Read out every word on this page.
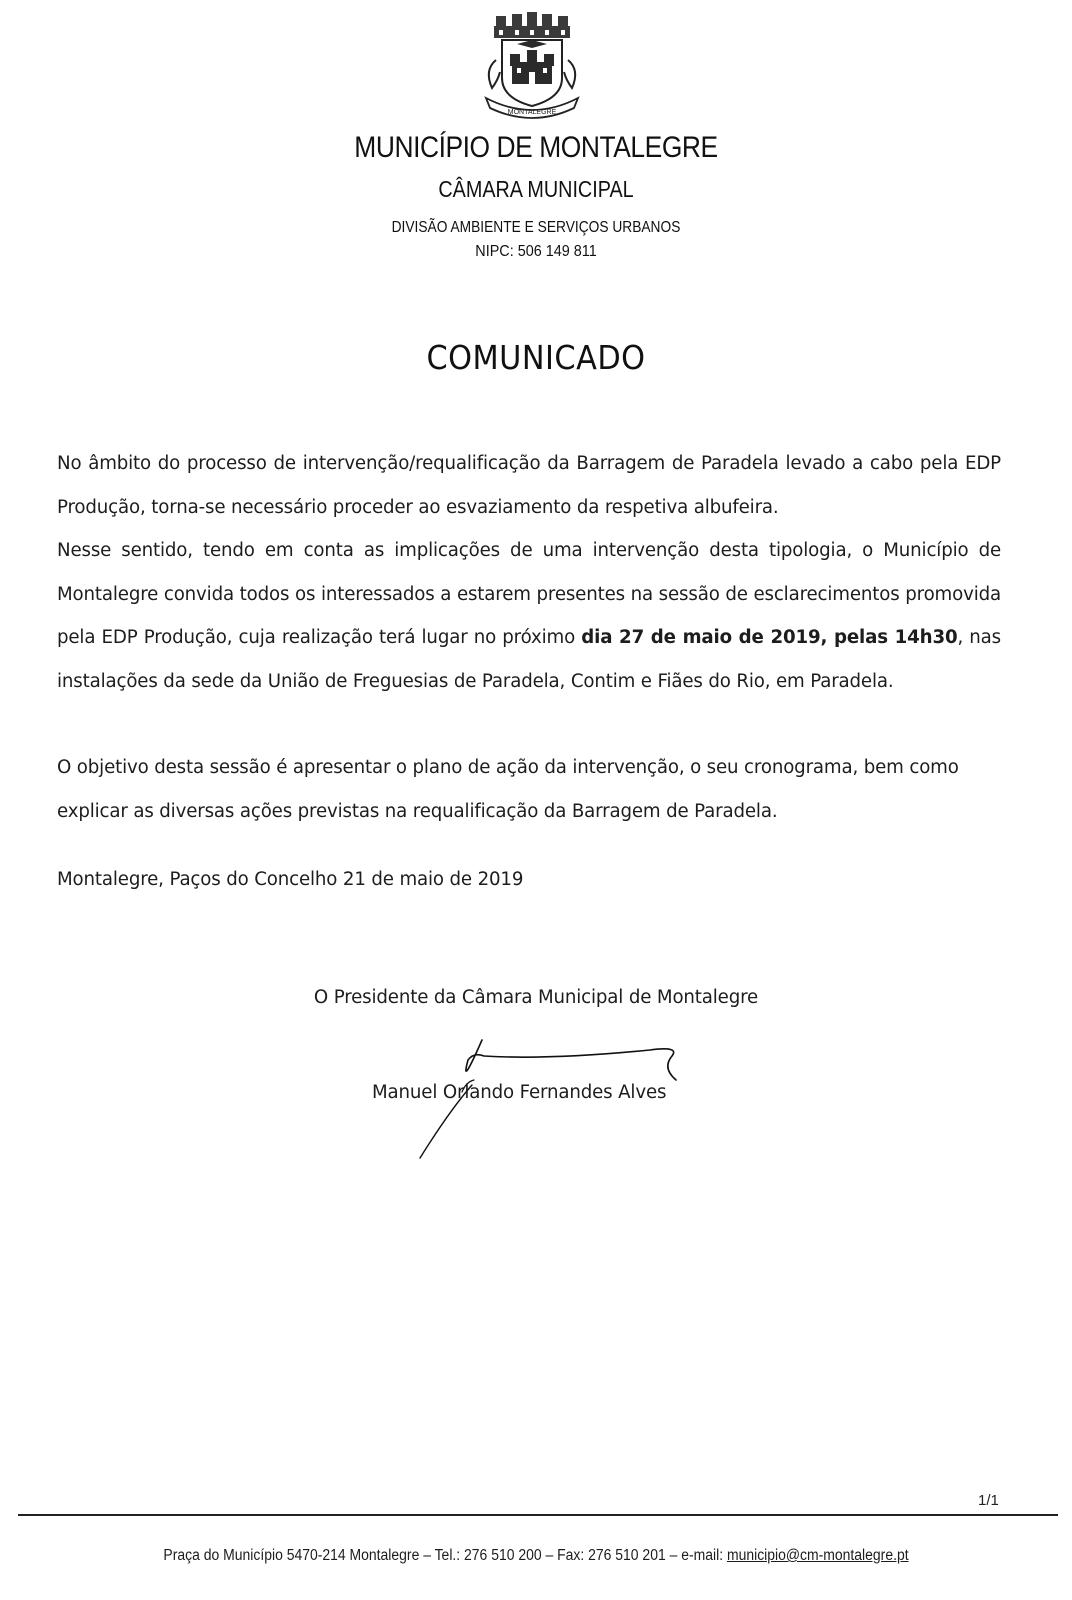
MONTALEGRE
MUNICÍPIO DE MONTALEGRE
CÂMARA MUNICIPAL
DIVISÃO AMBIENTE E SERVIÇOS URBANOS
NIPC: 506 149 811
COMUNICADO

No âmbito do processo de intervenção/requalificação da Barragem de Paradela levado a cabo pela EDP Produção, torna-se necessário proceder ao esvaziamento da respetiva albufeira.

Nesse sentido, tendo em conta as implicações de uma intervenção desta tipologia, o Município de Montalegre convida todos os interessados a estarem presentes na sessão de esclarecimentos promovida pela EDP Produção, cuja realização terá lugar no próximo dia 27 de maio de 2019, pelas 14h30, nas instalações da sede da União de Freguesias de Paradela, Contim e Fiães do Rio, em Paradela.

O objetivo desta sessão é apresentar o plano de ação da intervenção, o seu cronograma, bem como

explicar as diversas ações previstas na requalificação da Barragem de Paradela.

Montalegre, Paços do Concelho 21 de maio de 2019
O Presidente da Câmara Municipal de Montalegre
Manuel Orlando Fernandes Alves
1/1
Praça do Município 5470-214 Montalegre – Tel.: 276 510 200 – Fax: 276 510 201 – e-mail: municipio@cm-montalegre.pt
